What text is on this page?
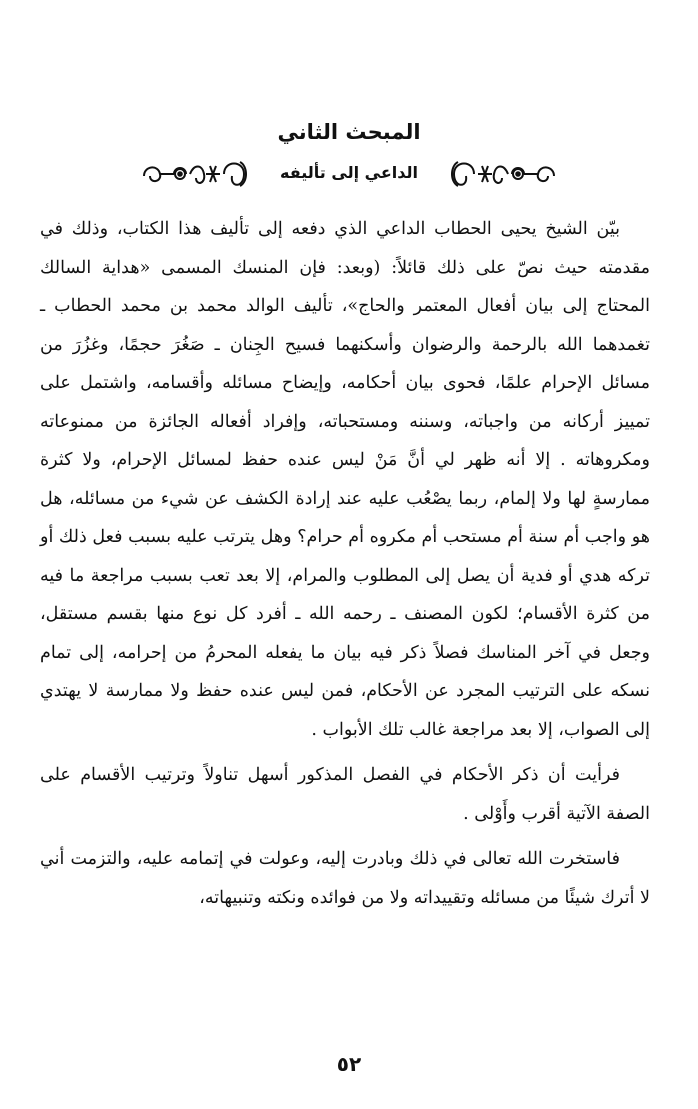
المبحث الثاني
الداعي إلى تأليفه

بيّن الشيخ يحيى الحطاب الداعي الذي دفعه إلى تأليف هذا الكتاب، وذلك في مقدمته حيث نصّ على ذلك قائلاً: (وبعد: فإن المنسك المسمى «هداية السالك المحتاج إلى بيان أفعال المعتمر والحاج»، تأليف الوالد محمد بن محمد الحطاب ـ تغمدهما الله بالرحمة والرضوان وأسكنهما فسيح الجِنان ـ صَغُرَ حجمًا، وغزُرَ من مسائل الإحرام علمًا، فحوى بيان أحكامه، وإيضاح مسائله وأقسامه، واشتمل على تمييز أركانه من واجباته، وسننه ومستحباته، وإفراد أفعاله الجائزة من ممنوعاته ومكروهاته . إلا أنه ظهر لي أنَّ مَنْ ليس عنده حفظ لمسائل الإحرام، ولا كثرة ممارسةٍ لها ولا إلمام، ربما يصْعُب عليه عند إرادة الكشف عن شيء من مسائله، هل هو واجب أم سنة أم مستحب أم مكروه أم حرام؟ وهل يترتب عليه بسبب فعل ذلك أو تركه هدي أو فدية أن يصل إلى المطلوب والمرام، إلا بعد تعب بسبب مراجعة ما فيه من كثرة الأقسام؛ لكون المصنف ـ رحمه الله ـ أفرد كل نوع منها بقسم مستقل، وجعل في آخر المناسك فصلاً ذكر فيه بيان ما يفعله المحرمُ من إحرامه، إلى تمام نسكه على الترتيب المجرد عن الأحكام، فمن ليس عنده حفظ ولا ممارسة لا يهتدي إلى الصواب، إلا بعد مراجعة غالب تلك الأبواب .

فرأيت أن ذكر الأحكام في الفصل المذكور أسهل تناولاً وترتيب الأقسام على الصفة الآتية أقرب وأَوْلى .

فاستخرت الله تعالى في ذلك وبادرت إليه، وعولت في إتمامه عليه، والتزمت أني لا أترك شيئًا من مسائله وتقييداته ولا من فوائده ونكته وتنبيهاته،

٥٢
